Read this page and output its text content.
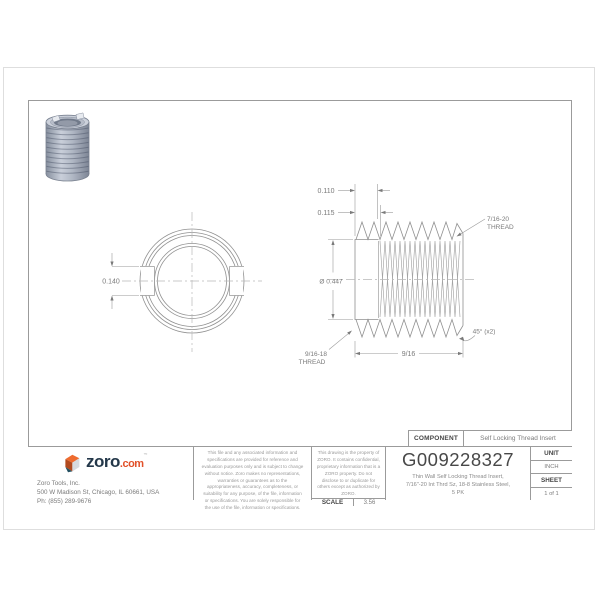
0.140
0.110
0.115
Ø 0.447
7/16-20
THREAD
45° (x2)
9/16
9/16-18
THREAD
COMPONENT	Self Locking Thread Insert
zoro.com™
Zoro Tools, Inc.
500 W Madison St, Chicago, IL 60661, USA
Ph: (855) 289-9676
This file and any associated information and specifications are provided for reference and evaluation purposes only and is subject to change without notice. Zoro makes no representations, warranties or guarantees as to the appropriateness, accuracy, completeness, or suitability for any purpose, of the file, information or specifications. You are solely responsible for the use of the file, information or specifications.
This drawing is the property of ZORO. It contains confidential, proprietary information that is a ZORO property. Do not disclose to or duplicate for others except as authorized by ZORO.
SCALE	3.56
G009228327
Thin Wall Self Locking Thread Insert,
7/16"-20 Int Thrd Sz, 18-8 Stainless Steel,
5 PK
UNIT
INCH
SHEET
1 of 1
